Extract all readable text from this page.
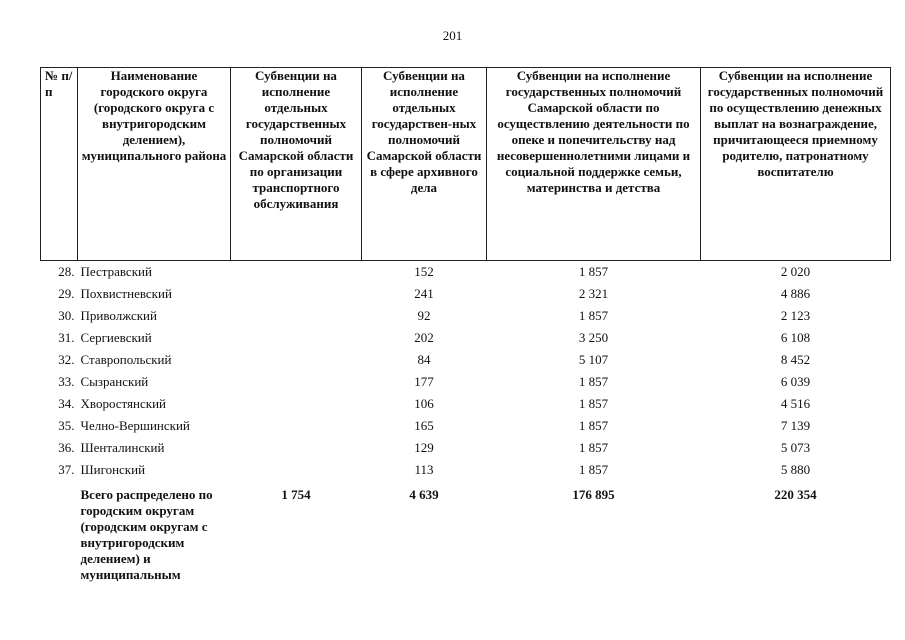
201
№ п/п	Наименование городского округа (городского округа с внутригородским делением), муниципального района	Субвенции на исполнение отдельных государственных полномочий Самарской области по организации транспортного обслуживания	Субвенции на исполнение отдельных государствен-ных полномочий Самарской области в сфере архивного дела	Субвенции на исполнение государственных полномочий Самарской области по осуществлению деятельности по опеке и попечительству над несовершеннолетними лицами и социальной поддержке семьи, материнства и детства	Субвенции на исполнение государственных полномочий по осуществлению денежных выплат на вознаграждение, причитающееся приемному родителю, патронатному воспитателю
28.	Пестравский		152	1 857	2 020
29.	Похвистневский		241	2 321	4 886
30.	Приволжский		92	1 857	2 123
31.	Сергиевский		202	3 250	6 108
32.	Ставропольский		84	5 107	8 452
33.	Сызранский		177	1 857	6 039
34.	Хворостянский		106	1 857	4 516
35.	Челно-Вершинский		165	1 857	7 139
36.	Шенталинский		129	1 857	5 073
37.	Шигонский		113	1 857	5 880
	Всего распределено по городским округам (городским округам с внутригородским делением) и муниципальным	1 754	4 639	176 895	220 354
